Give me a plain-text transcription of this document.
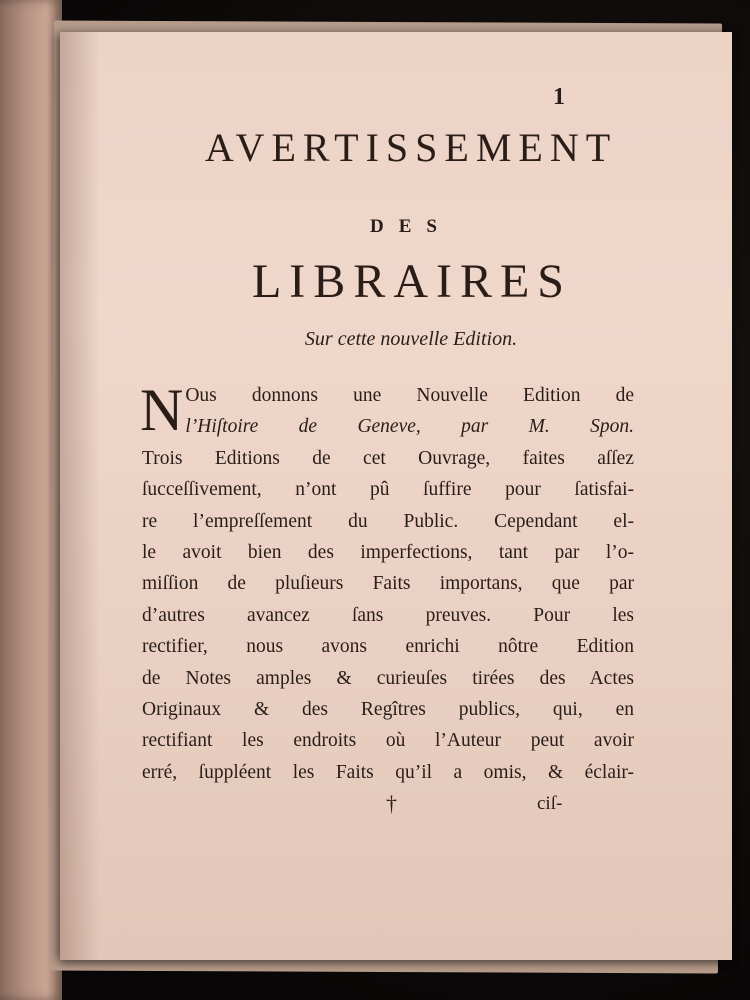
1
AVERTISSEMENT
DES
LIBRAIRES
Sur cette nouvelle Edition.
N Ous donnons une Nouvelle Edition de
l’Hiſtoire de Geneve, par M. Spon.
Trois Editions de cet Ouvrage, faites aſſez
ſucceſſivement, n’ont pû ſuffire pour ſatisfai-
re l’empreſſement du Public. Cependant el-
le avoit bien des imperfections, tant par l’o-
miſſion de pluſieurs Faits importans, que par
d’autres avancez ſans preuves. Pour les
rectifier, nous avons enrichi nôtre Edition
de Notes amples & curieuſes tirées des Actes
Originaux & des Regîtres publics, qui, en
rectifiant les endroits où l’Auteur peut avoir
erré, ſuppléent les Faits qu’il a omis, & éclair-
†	ciſ-
